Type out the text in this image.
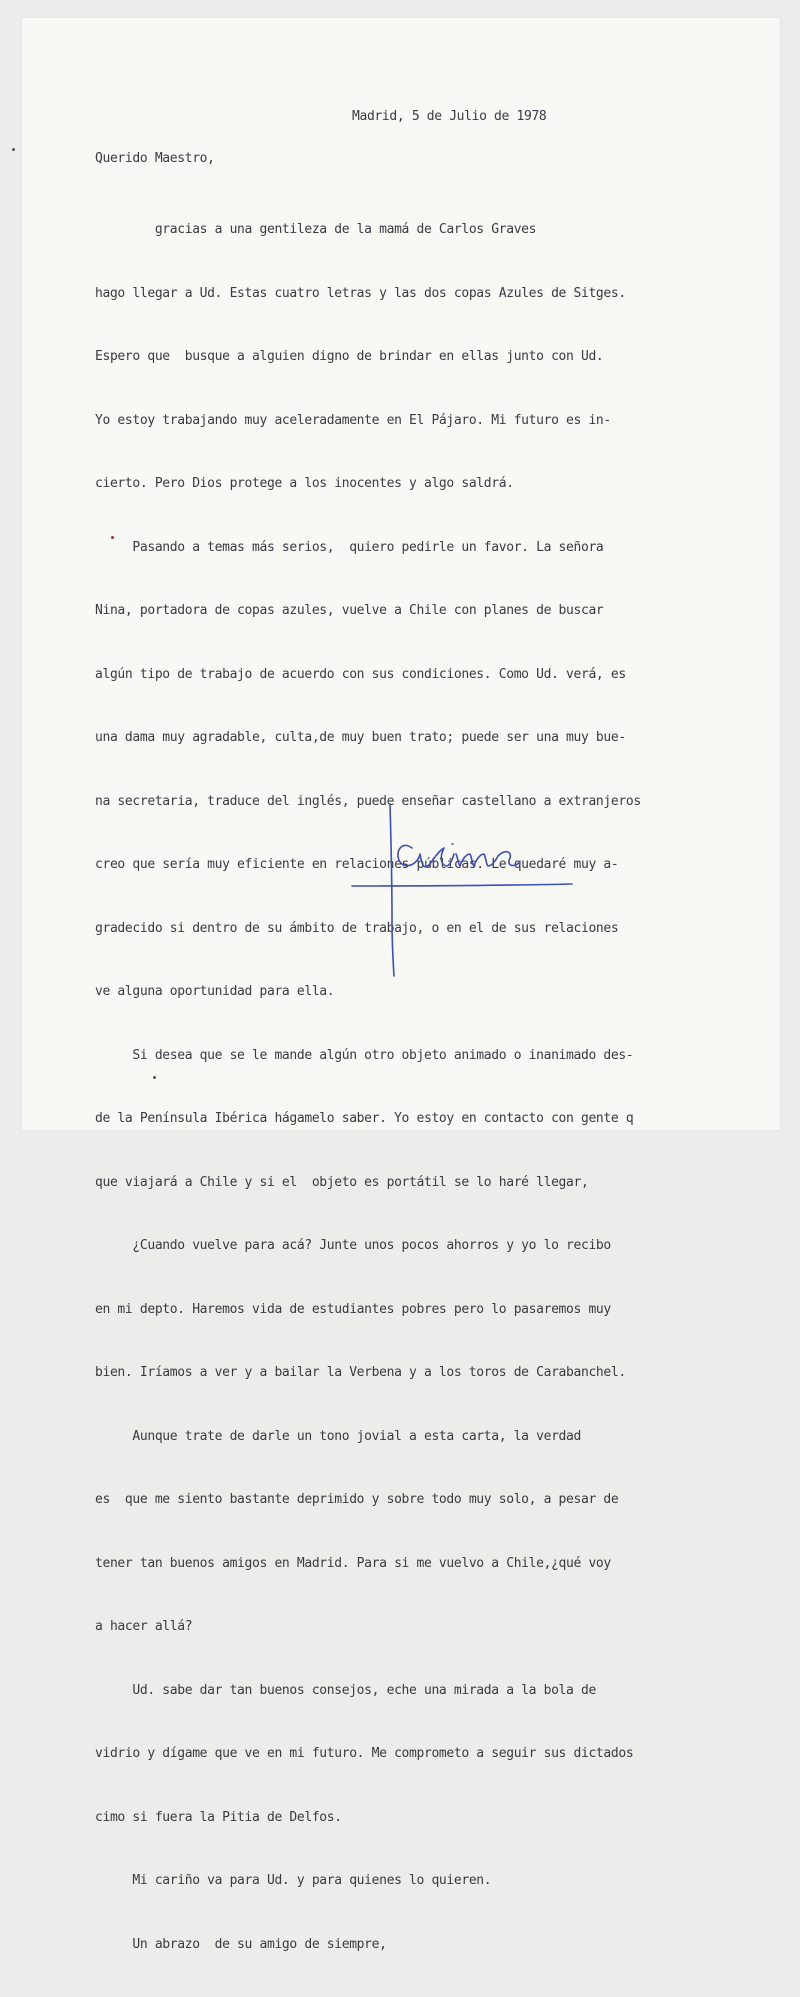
Madrid, 5 de Julio de 1978
Querido Maestro,

gracias a una gentileza de la mamá de Carlos Graves

hago llegar a Ud. Estas cuatro letras y las dos copas Azules de Sitges.

Espero que  busque a alguien digno de brindar en ellas junto con Ud.

Yo estoy trabajando muy aceleradamente en El Pájaro. Mi futuro es in-

cierto. Pero Dios protege a los inocentes y algo saldrá.

Pasando a temas más serios,  quiero pedirle un favor. La señora

Nina, portadora de copas azules, vuelve a Chile con planes de buscar

algún tipo de trabajo de acuerdo con sus condiciones. Como Ud. verá, es

una dama muy agradable, culta,de muy buen trato; puede ser una muy bue-

na secretaria, traduce del inglés, puede enseñar castellano a extranjeros

creo que sería muy eficiente en relaciones públicas. Le quedaré muy a-

gradecido si dentro de su ámbito de trabajo, o en el de sus relaciones

ve alguna oportunidad para ella.

Si desea que se le mande algún otro objeto animado o inanimado des-

de la Península Ibérica hágamelo saber. Yo estoy en contacto con gente q

que viajará a Chile y si el  objeto es portátil se lo haré llegar,

¿Cuando vuelve para acá? Junte unos pocos ahorros y yo lo recibo

en mi depto. Haremos vida de estudiantes pobres pero lo pasaremos muy

bien. Iríamos a ver y a bailar la Verbena y a los toros de Carabanchel.

Aunque trate de darle un tono jovial a esta carta, la verdad

es  que me siento bastante deprimido y sobre todo muy solo, a pesar de

tener tan buenos amigos en Madrid. Para si me vuelvo a Chile,¿qué voy

a hacer allá?

Ud. sabe dar tan buenos consejos, eche una mirada a la bola de

vidrio y dígame que ve en mi futuro. Me comprometo a seguir sus dictados

cimo si fuera la Pitia de Delfos.

Mi cariño va para Ud. y para quienes lo quieren.

Un abrazo  de su amigo de siempre,
